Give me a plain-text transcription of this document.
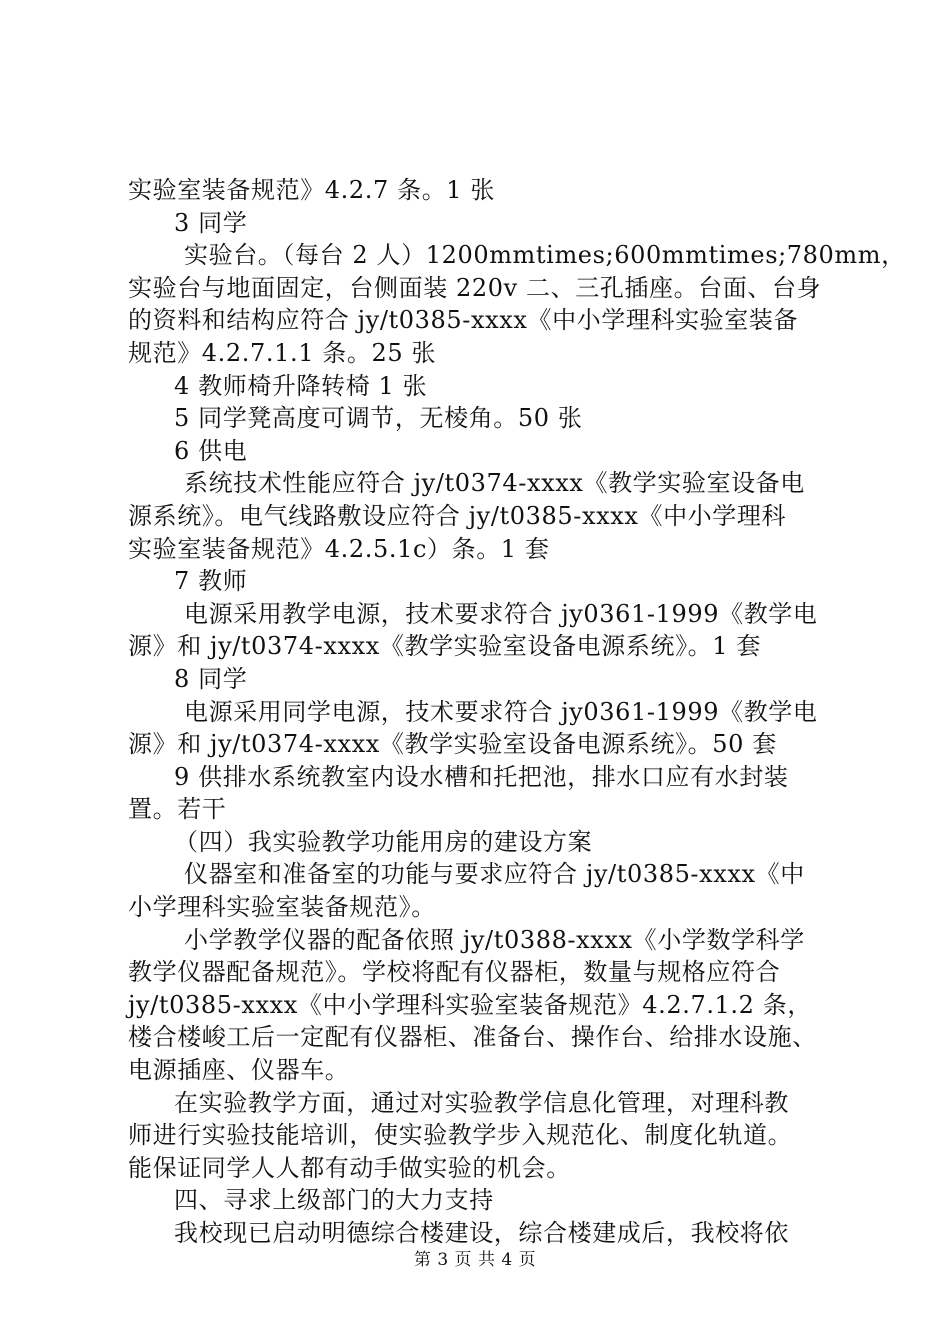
实验室装备规范》4.2.7 条。1 张
3 同学
实验台。（每台 2 人）1200mmtimes;600mmtimes;780mm，
实验台与地面固定，台侧面装 220v 二、三孔插座。台面、台身
的资料和结构应符合 jy/t0385-xxxx《中小学理科实验室装备
规范》4.2.7.1.1 条。25 张
4 教师椅升降转椅 1 张
5 同学凳高度可调节，无棱角。50 张
6 供电
系统技术性能应符合 jy/t0374-xxxx《教学实验室设备电
源系统》。电气线路敷设应符合 jy/t0385-xxxx《中小学理科
实验室装备规范》4.2.5.1c）条。1 套
7 教师
电源采用教学电源，技术要求符合 jy0361-1999《教学电
源》和 jy/t0374-xxxx《教学实验室设备电源系统》。1 套
8 同学
电源采用同学电源，技术要求符合 jy0361-1999《教学电
源》和 jy/t0374-xxxx《教学实验室设备电源系统》。50 套
9 供排水系统教室内设水槽和托把池，排水口应有水封装
置。若干
（四）我实验教学功能用房的建设方案
仪器室和准备室的功能与要求应符合 jy/t0385-xxxx《中
小学理科实验室装备规范》。
小学教学仪器的配备依照 jy/t0388-xxxx《小学数学科学
教学仪器配备规范》。学校将配有仪器柜，数量与规格应符合
jy/t0385-xxxx《中小学理科实验室装备规范》4.2.7.1.2 条，
楼合楼峻工后一定配有仪器柜、准备台、操作台、给排水设施、
电源插座、仪器车。
在实验教学方面，通过对实验教学信息化管理，对理科教
师进行实验技能培训，使实验教学步入规范化、制度化轨道。
能保证同学人人都有动手做实验的机会。
四、寻求上级部门的大力支持
我校现已启动明德综合楼建设，综合楼建成后，我校将依
第 3 页 共 4 页
